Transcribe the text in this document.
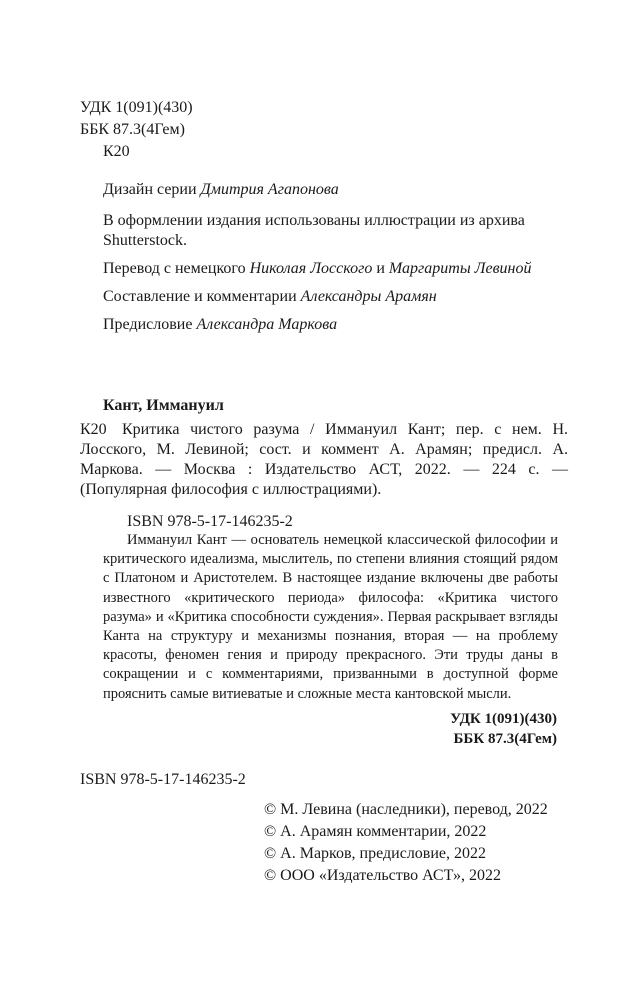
УДК 1(091)(430)
ББК 87.3(4Гем)
К20
Дизайн серии Дмитрия Агапонова
В оформлении издания использованы иллюстрации из архива Shutterstock.
Перевод с немецкого Николая Лосского и Маргариты Левиной
Составление и комментарии Александры Арамян
Предисловие Александра Маркова
Кант, Иммануил
К20 Критика чистого разума / Иммануил Кант; пер. с нем. Н. Лосского, М. Левиной; сост. и коммент А. Арамян; предисл. А. Маркова. — Москва : Издательство АСТ, 2022. — 224 с. — (Популярная философия с иллюстрациями).
ISBN 978-5-17-146235-2
Иммануил Кант — основатель немецкой классической философии и критического идеализма, мыслитель, по степени влияния стоящий рядом с Платоном и Аристотелем. В настоящее издание включены две работы известного «критического периода» философа: «Критика чистого разума» и «Критика способности суждения». Первая раскрывает взгляды Канта на структуру и механизмы познания, вторая — на проблему красоты, феномен гения и природу прекрасного. Эти труды даны в сокращении и с комментариями, призванными в доступной форме прояснить самые витиеватые и сложные места кантовской мысли.
УДК 1(091)(430)
ББК 87.3(4Гем)
ISBN 978-5-17-146235-2
© М. Левина (наследники), перевод, 2022
© А. Арамян комментарии, 2022
© А. Марков, предисловие, 2022
© ООО «Издательство АСТ», 2022
